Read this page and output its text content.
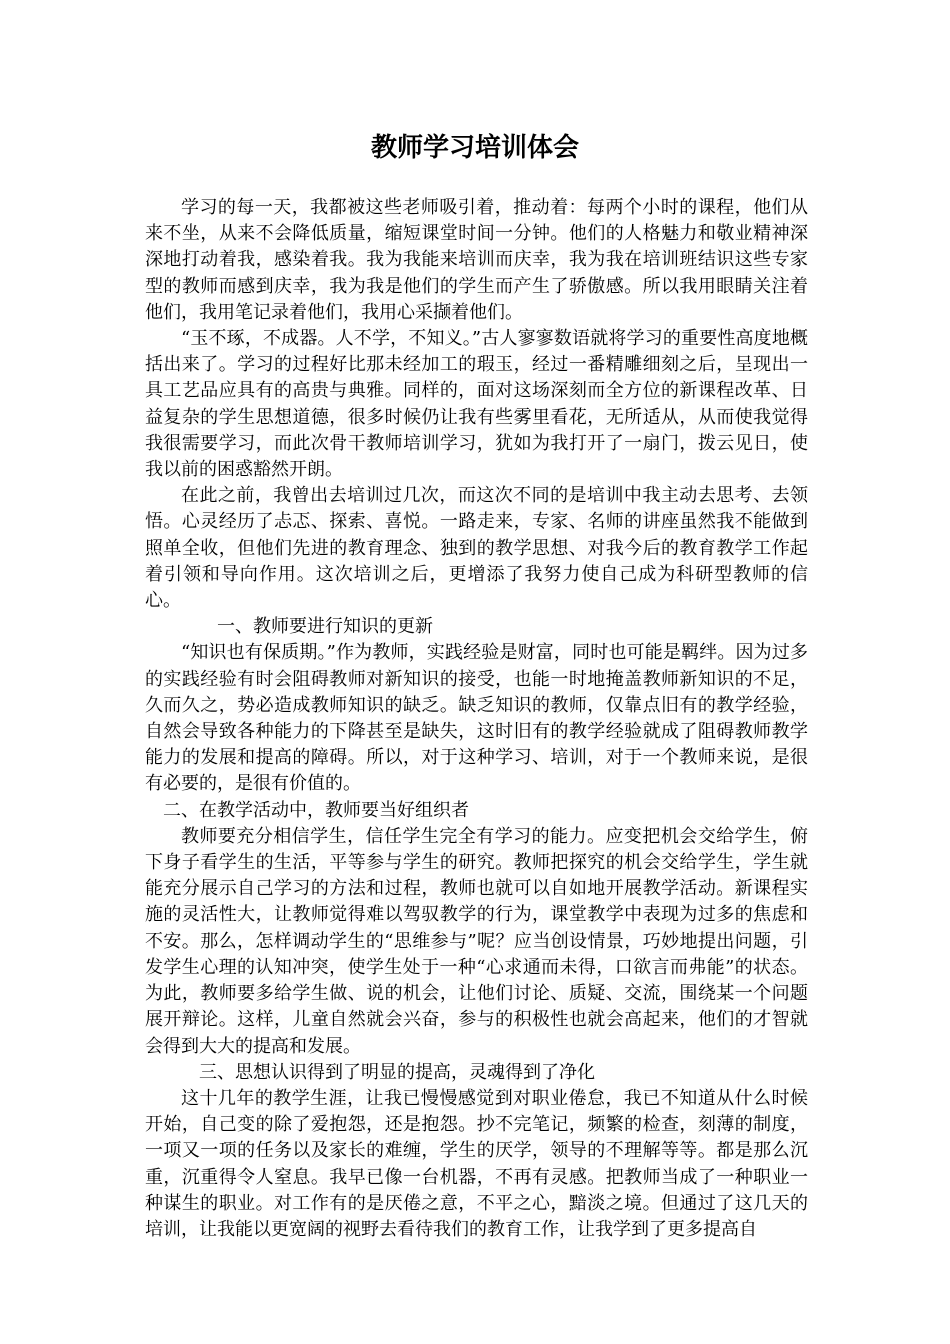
教师学习培训体会

学习的每一天，我都被这些老师吸引着，推动着：每两个小时的课程，他们从来不坐，从来不会降低质量，缩短课堂时间一分钟。他们的人格魅力和敬业精神深深地打动着我，感染着我。我为我能来培训而庆幸，我为我在培训班结识这些专家型的教师而感到庆幸，我为我是他们的学生而产生了骄傲感。所以我用眼睛关注着他们，我用笔记录着他们，我用心采撷着他们。

“玉不琢，不成器。人不学，不知义。”古人寥寥数语就将学习的重要性高度地概括出来了。学习的过程好比那未经加工的瑕玉，经过一番精雕细刻之后，呈现出一具工艺品应具有的高贵与典雅。同样的，面对这场深刻而全方位的新课程改革、日益复杂的学生思想道德，很多时候仍让我有些雾里看花，无所适从，从而使我觉得我很需要学习，而此次骨干教师培训学习，犹如为我打开了一扇门，拨云见日，使我以前的困惑豁然开朗。

在此之前，我曾出去培训过几次，而这次不同的是培训中我主动去思考、去领悟。心灵经历了忐忑、探索、喜悦。一路走来，专家、名师的讲座虽然我不能做到照单全收，但他们先进的教育理念、独到的教学思想、对我今后的教育教学工作起着引领和导向作用。这次培训之后，更增添了我努力使自己成为科研型教师的信心。

一、教师要进行知识的更新

“知识也有保质期。”作为教师，实践经验是财富，同时也可能是羁绊。因为过多的实践经验有时会阻碍教师对新知识的接受，也能一时地掩盖教师新知识的不足，久而久之，势必造成教师知识的缺乏。缺乏知识的教师，仅靠点旧有的教学经验，自然会导致各种能力的下降甚至是缺失，这时旧有的教学经验就成了阻碍教师教学能力的发展和提高的障碍。所以，对于这种学习、培训，对于一个教师来说，是很有必要的，是很有价值的。

二、在教学活动中，教师要当好组织者

教师要充分相信学生，信任学生完全有学习的能力。应变把机会交给学生，俯下身子看学生的生活，平等参与学生的研究。教师把探究的机会交给学生，学生就能充分展示自己学习的方法和过程，教师也就可以自如地开展教学活动。新课程实施的灵活性大，让教师觉得难以驾驭教学的行为，课堂教学中表现为过多的焦虑和不安。那么，怎样调动学生的“思维参与”呢？应当创设情景，巧妙地提出问题，引发学生心理的认知冲突，使学生处于一种“心求通而未得，口欲言而弗能”的状态。为此，教师要多给学生做、说的机会，让他们讨论、质疑、交流，围绕某一个问题展开辩论。这样，儿童自然就会兴奋，参与的积极性也就会高起来，他们的才智就会得到大大的提高和发展。

三、思想认识得到了明显的提高，灵魂得到了净化

这十几年的教学生涯，让我已慢慢感觉到对职业倦怠，我已不知道从什么时候开始，自己变的除了爱抱怨，还是抱怨。抄不完笔记，频繁的检查，刻薄的制度，一项又一项的任务以及家长的难缠，学生的厌学，领导的不理解等等。都是那么沉重，沉重得令人窒息。我早已像一台机器，不再有灵感。把教师当成了一种职业一种谋生的职业。对工作有的是厌倦之意，不平之心，黯淡之境。但通过了这几天的培训，让我能以更宽阔的视野去看待我们的教育工作，让我学到了更多提高自
